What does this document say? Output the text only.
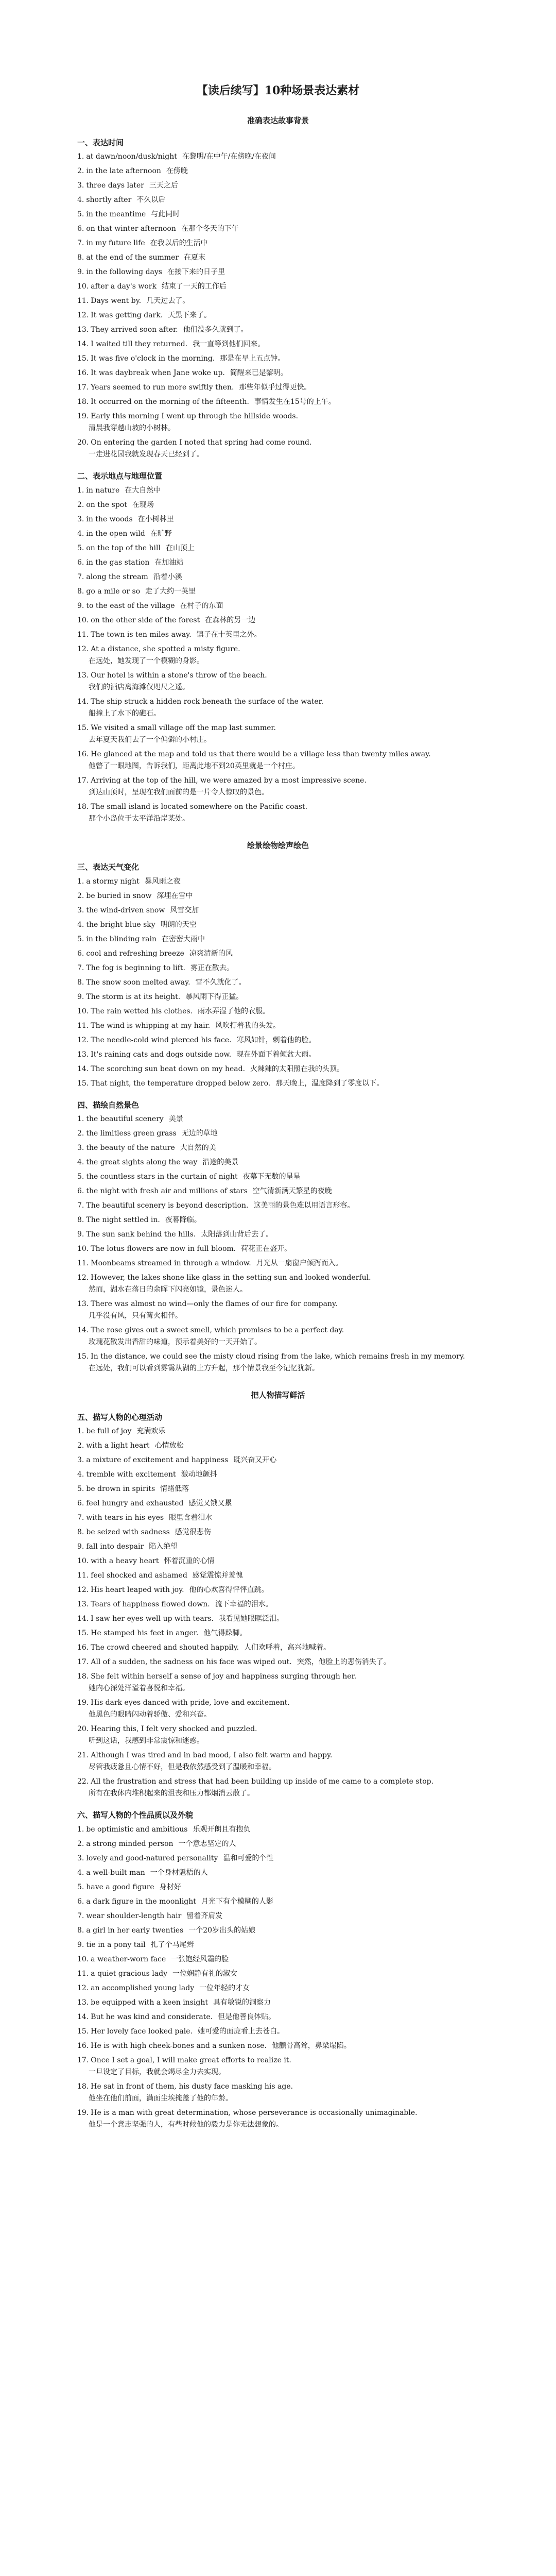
【读后续写】10种场景表达素材
准确表达故事背景
一、表达时间
1. at dawn/noon/dusk/night 在黎明/在中午/在傍晚/在夜间
2. in the late afternoon 在傍晚
3. three days later 三天之后
4. shortly after 不久以后
5. in the meantime 与此同时
6. on that winter afternoon 在那个冬天的下午
7. in my future life 在我以后的生活中
8. at the end of the summer 在夏末
9. in the following days 在接下来的日子里
10. after a day's work 结束了一天的工作后
11. Days went by. 几天过去了。
12. It was getting dark. 天黑下来了。
13. They arrived soon after. 他们没多久就到了。
14. I waited till they returned. 我一直等到他们回来。
15. It was five o'clock in the morning. 那是在早上五点钟。
16. It was daybreak when Jane woke up. 简醒来已是黎明。
17. Years seemed to run more swiftly then. 那些年似乎过得更快。
18. It occurred on the morning of the fifteenth. 事情发生在15号的上午。
19. Early this morning I went up through the hillside woods.
清晨我穿越山坡的小树林。
20. On entering the garden I noted that spring had come round.
一走进花园我就发现春天已经到了。
二、表示地点与地理位置
1. in nature 在大自然中
2. on the spot 在现场
3. in the woods 在小树林里
4. in the open wild 在旷野
5. on the top of the hill 在山顶上
6. in the gas station 在加油站
7. along the stream 沿着小溪
8. go a mile or so 走了大约一英里
9. to the east of the village 在村子的东面
10. on the other side of the forest 在森林的另一边
11. The town is ten miles away. 镇子在十英里之外。
12. At a distance, she spotted a misty figure.
在远处，她发现了一个模糊的身影。
13. Our hotel is within a stone's throw of the beach.
我们的酒店离海滩仅咫尺之遥。
14. The ship struck a hidden rock beneath the surface of the water.
船撞上了水下的礁石。
15. We visited a small village off the map last summer.
去年夏天我们去了一个偏僻的小村庄。
16. He glanced at the map and told us that there would be a village less than twenty miles away.
他瞥了一眼地图，告诉我们，距离此地不到20英里就是一个村庄。
17. Arriving at the top of the hill, we were amazed by a most impressive scene.
到达山顶时，呈现在我们面前的是一片令人惊叹的景色。
18. The small island is located somewhere on the Pacific coast.
那个小岛位于太平洋沿岸某处。
绘景绘物绘声绘色
三、表达天气变化
1. a stormy night 暴风雨之夜
2. be buried in snow 深埋在雪中
3. the wind-driven snow 风雪交加
4. the bright blue sky 明朗的天空
5. in the blinding rain 在密密大雨中
6. cool and refreshing breeze 凉爽清新的风
7. The fog is beginning to lift. 雾正在散去。
8. The snow soon melted away. 雪不久就化了。
9. The storm is at its height. 暴风雨下得正猛。
10. The rain wetted his clothes. 雨水弄湿了他的衣服。
11. The wind is whipping at my hair. 风吹打着我的头发。
12. The needle-cold wind pierced his face. 寒风如针，刺着他的脸。
13. It's raining cats and dogs outside now. 现在外面下着倾盆大雨。
14. The scorching sun beat down on my head. 火辣辣的太阳照在我的头顶。
15. That night, the temperature dropped below zero. 那天晚上，温度降到了零度以下。
四、描绘自然景色
1. the beautiful scenery 美景
2. the limitless green grass 无边的草地
3. the beauty of the nature 大自然的美
4. the great sights along the way 沿途的美景
5. the countless stars in the curtain of night 夜幕下无数的星星
6. the night with fresh air and millions of stars 空气清新满天繁星的夜晚
7. The beautiful scenery is beyond description. 这美丽的景色难以用语言形容。
8. The night settled in. 夜幕降临。
9. The sun sank behind the hills. 太阳落到山背后去了。
10. The lotus flowers are now in full bloom. 荷花正在盛开。
11. Moonbeams streamed in through a window. 月光从一扇窗户倾泻而入。
12. However, the lakes shone like glass in the setting sun and looked wonderful.
然而，湖水在落日的余晖下闪亮如镜，景色迷人。
13. There was almost no wind—only the flames of our fire for company.
几乎没有风，只有篝火相伴。
14. The rose gives out a sweet smell, which promises to be a perfect day.
玫瑰花散发出香甜的味道，预示着美好的一天开始了。
15. In the distance, we could see the misty cloud rising from the lake, which remains fresh in my memory.
在远处，我们可以看到雾霭从湖的上方升起，那个情景我至今记忆犹新。
把人物描写鲜活
五、描写人物的心理活动
1. be full of joy 充满欢乐
2. with a light heart 心情放松
3. a mixture of excitement and happiness 既兴奋又开心
4. tremble with excitement 激动地颤抖
5. be drown in spirits 情绪低落
6. feel hungry and exhausted 感觉又饿又累
7. with tears in his eyes 眼里含着泪水
8. be seized with sadness 感觉很悲伤
9. fall into despair 陷入绝望
10. with a heavy heart 怀着沉重的心情
11. feel shocked and ashamed 感觉震惊并羞愧
12. His heart leaped with joy. 他的心欢喜得怦怦直跳。
13. Tears of happiness flowed down. 流下幸福的泪水。
14. I saw her eyes well up with tears. 我看见她眼眶泛泪。
15. He stamped his feet in anger. 他气得跺脚。
16. The crowd cheered and shouted happily. 人们欢呼着，高兴地喊着。
17. All of a sudden, the sadness on his face was wiped out. 突然，他脸上的悲伤消失了。
18. She felt within herself a sense of joy and happiness surging through her.
她内心深处洋溢着喜悦和幸福。
19. His dark eyes danced with pride, love and excitement.
他黑色的眼睛闪动着骄傲、爱和兴奋。
20. Hearing this, I felt very shocked and puzzled.
听到这话，我感到非常震惊和迷惑。
21. Although I was tired and in bad mood, I also felt warm and happy.
尽管我疲惫且心情不好，但是我依然感受到了温暖和幸福。
22. All the frustration and stress that had been building up inside of me came to a complete stop.
所有在我体内堆积起来的沮丧和压力都烟消云散了。
六、描写人物的个性品质以及外貌
1. be optimistic and ambitious 乐观开朗且有抱负
2. a strong minded person 一个意志坚定的人
3. lovely and good-natured personality 温和可爱的个性
4. a well-built man 一个身材魁梧的人
5. have a good figure 身材好
6. a dark figure in the moonlight 月光下有个模糊的人影
7. wear shoulder-length hair 留着齐肩发
8. a girl in her early twenties 一个20岁出头的姑娘
9. tie in a pony tail 扎了个马尾辫
10. a weather-worn face 一张饱经风霜的脸
11. a quiet gracious lady 一位娴静有礼的淑女
12. an accomplished young lady 一位年轻的才女
13. be equipped with a keen insight 具有敏锐的洞察力
14. But he was kind and considerate. 但是他善良体贴。
15. Her lovely face looked pale. 她可爱的面庞看上去苍白。
16. He is with high cheek-bones and a sunken nose. 他颧骨高耸，鼻梁塌陷。
17. Once I set a goal, I will make great efforts to realize it.
一旦设定了目标，我就会竭尽全力去实现。
18. He sat in front of them, his dusty face masking his age.
他坐在他们前面，满面尘埃掩盖了他的年龄。
19. He is a man with great determination, whose perseverance is occasionally unimaginable.
他是一个意志坚强的人，有些时候他的毅力是你无法想象的。
